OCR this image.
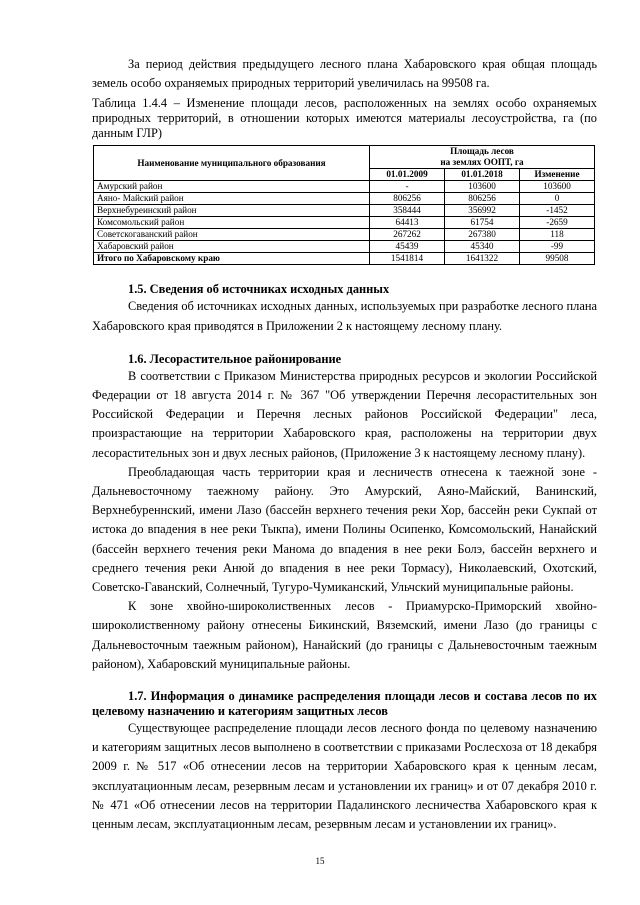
За период действия предыдущего лесного плана Хабаровского края общая площадь земель особо охраняемых природных территорий увеличилась на 99508 га.

Таблица 1.4.4 – Изменение площади лесов, расположенных на землях особо охраняемых природных территорий, в отношении которых имеются материалы лесоустройства, га (по данным ГЛР)
Наименование муниципального образования	Площадь лесов
на землях ООПТ, га		

	01.01.2009	01.01.2018	Изменение
Амурский район	-	103600	103600
Аяно- Майский район	806256	806256	0
Верхнебуреинский район	358444	356992	-1452
Комсомольский район	64413	61754	-2659
Советскогаванский район	267262	267380	118
Хабаровский район	45439	45340	-99
Итого по Хабаровскому краю	1541814	1641322	99508
1.5. Сведения об источниках исходных данных

Сведения об источниках исходных данных, используемых при разработке лесного плана Хабаровского края приводятся в Приложении 2 к настоящему лесному плану.

1.6. Лесорастительное районирование

В соответствии с Приказом Министерства природных ресурсов и экологии Российской Федерации от 18 августа 2014 г. № 367 "Об утверждении Перечня лесорастительных зон Российской Федерации и Перечня лесных районов Российской Федерации" леса, произрастающие на территории Хабаровского края, расположены на территории двух лесорастительных зон и двух лесных районов, (Приложение 3 к настоящему лесному плану).

Преобладающая часть территории края и лесничеств отнесена к таежной зоне - Дальневосточному таежному району. Это Амурский, Аяно-Майский, Ванинский, Верхнебуреннский, имени Лазо (бассейн верхнего течения реки Хор, бассейн реки Сукпай от истока до впадения в нее реки Тыкпа), имени Полины Осипенко, Комсомольский, Нанайский (бассейн верхнего течения реки Манома до впадения в нее реки Болэ, бассейн верхнего и среднего течения реки Анюй до впадения в нее реки Тормасу), Николаевский, Охотский, Советско-Гаванский, Солнечный, Тугуро-Чумиканский, Ульчский муниципальные районы.

К зоне хвойно-широколиственных лесов - Приамурско-Приморский хвойно-широколиственному району отнесены Бикинский, Вяземский, имени Лазо (до границы с Дальневосточным таежным районом), Нанайский (до границы с Дальневосточным таежным районом), Хабаровский муниципальные районы.

1.7. Информация о динамике распределения площади лесов и состава лесов по их целевому назначению и категориям защитных лесов

Существующее распределение площади лесов лесного фонда по целевому назначению и категориям защитных лесов выполнено в соответствии с приказами Рослесхоза от 18 декабря 2009 г. № 517 «Об отнесении лесов на территории Хабаровского края к ценным лесам, эксплуатационным лесам, резервным лесам и установлении их границ» и от 07 декабря 2010 г. № 471 «Об отнесении лесов на территории Падалинского лесничества Хабаровского края к ценным лесам, эксплуатационным лесам, резервным лесам и установлении их границ».

15
